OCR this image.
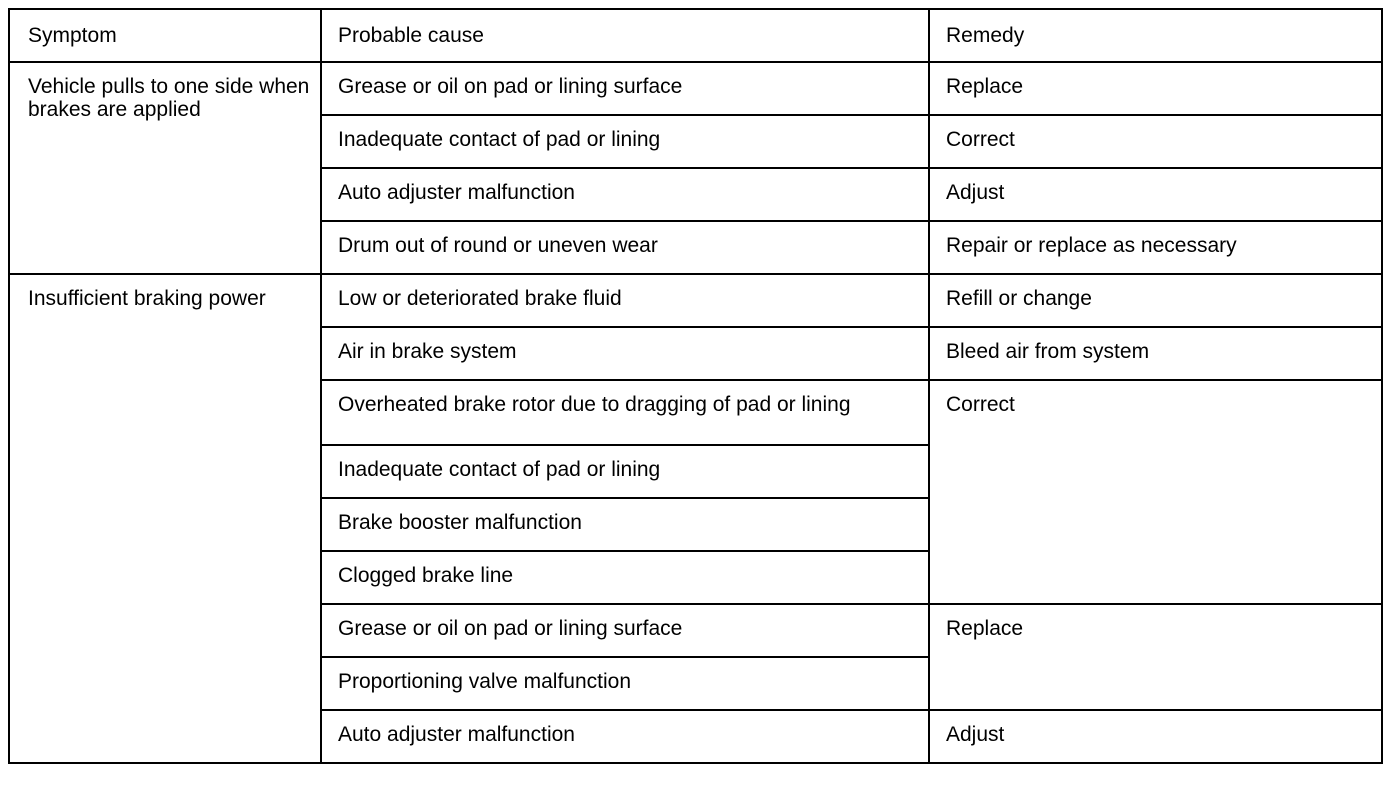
Symptom	Probable cause	Remedy
Vehicle pulls to one side when brakes are applied	Grease or oil on pad or lining surface	Replace
	Inadequate contact of pad or lining	Correct
	Auto adjuster malfunction	Adjust
	Drum out of round or uneven wear	Repair or replace as necessary
Insufficient braking power	Low or deteriorated brake fluid	Refill or change
	Air in brake system	Bleed air from system
	Overheated brake rotor due to dragging of pad or lining	Correct
	Inadequate contact of pad or lining	
	Brake booster malfunction	
	Clogged brake line	
	Grease or oil on pad or lining surface	Replace
	Proportioning valve malfunction	
	Auto adjuster malfunction	Adjust
